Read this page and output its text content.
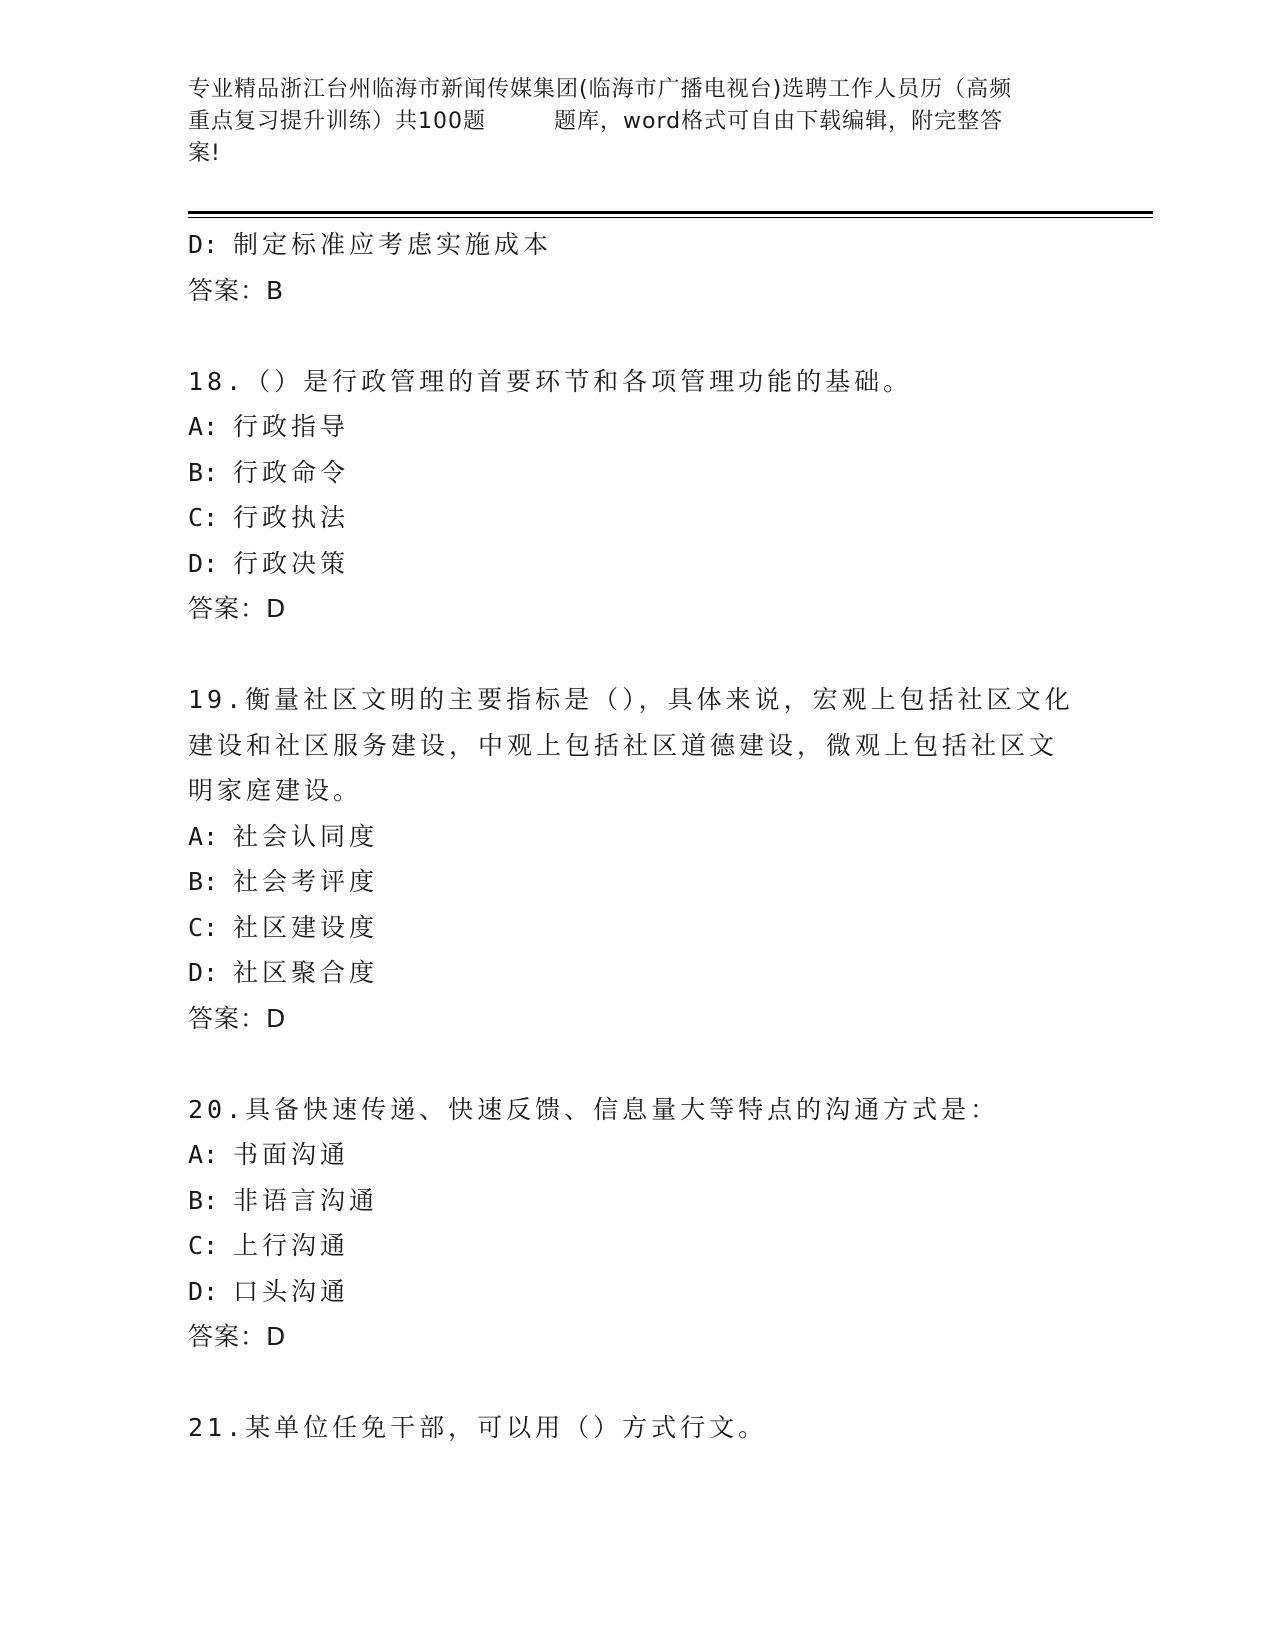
专业精品浙江台州临海市新闻传媒集团(临海市广播电视台)选聘工作人员历（高频
重点复习提升训练）共100题	题库，word格式可自由下载编辑，附完整答
案!
D: 制定标准应考虑实施成本
答案：B
18.（）是行政管理的首要环节和各项管理功能的基础。
A: 行政指导
B: 行政命令
C: 行政执法
D: 行政决策
答案：D
19.衡量社区文明的主要指标是（），具体来说，宏观上包括社区文化
建设和社区服务建设，中观上包括社区道德建设，微观上包括社区文
明家庭建设。
A: 社会认同度
B: 社会考评度
C: 社区建设度
D: 社区聚合度
答案：D
20.具备快速传递、快速反馈、信息量大等特点的沟通方式是：
A: 书面沟通
B: 非语言沟通
C: 上行沟通
D: 口头沟通
答案：D
21.某单位任免干部，可以用（）方式行文。
